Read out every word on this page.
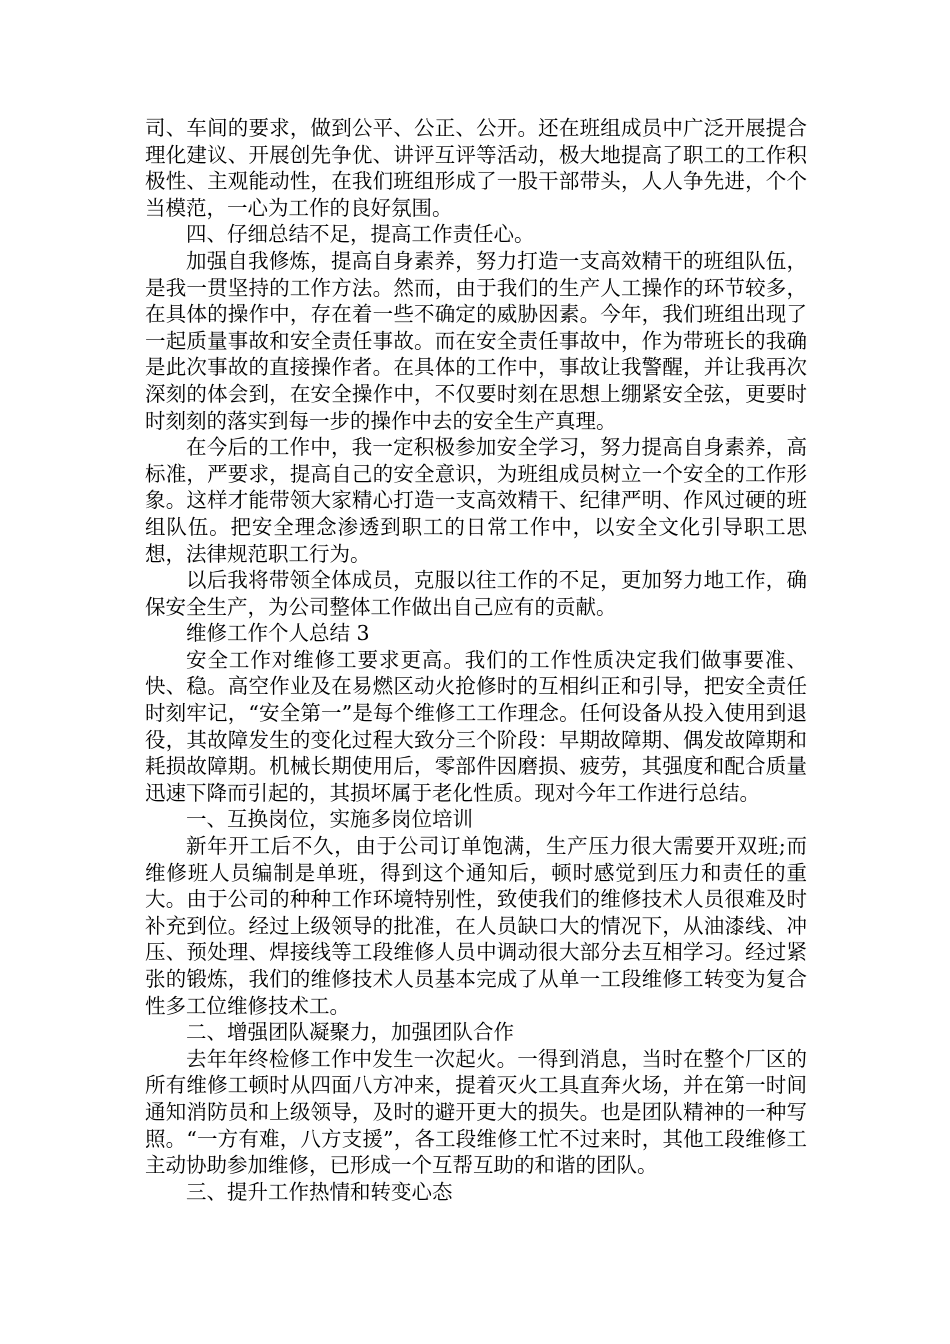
司、车间的要求，做到公平、公正、公开。还在班组成员中广泛开展提合理化建议、开展创先争优、讲评互评等活动，极大地提高了职工的工作积极性、主观能动性，在我们班组形成了一股干部带头，人人争先进，个个当模范，一心为工作的良好氛围。

四、仔细总结不足，提高工作责任心。

加强自我修炼，提高自身素养，努力打造一支高效精干的班组队伍，是我一贯坚持的工作方法。然而，由于我们的生产人工操作的环节较多，在具体的操作中，存在着一些不确定的威胁因素。今年，我们班组出现了一起质量事故和安全责任事故。而在安全责任事故中，作为带班长的我确是此次事故的直接操作者。在具体的工作中，事故让我警醒，并让我再次深刻的体会到，在安全操作中，不仅要时刻在思想上绷紧安全弦，更要时时刻刻的落实到每一步的操作中去的安全生产真理。

在今后的工作中，我一定积极参加安全学习，努力提高自身素养，高标准，严要求，提高自己的安全意识，为班组成员树立一个安全的工作形象。这样才能带领大家精心打造一支高效精干、纪律严明、作风过硬的班组队伍。把安全理念渗透到职工的日常工作中，以安全文化引导职工思想，法律规范职工行为。

以后我将带领全体成员，克服以往工作的不足，更加努力地工作，确保安全生产，为公司整体工作做出自己应有的贡献。

维修工作个人总结 3

安全工作对维修工要求更高。我们的工作性质决定我们做事要准、快、稳。高空作业及在易燃区动火抢修时的互相纠正和引导，把安全责任时刻牢记，“安全第一”是每个维修工工作理念。任何设备从投入使用到退役，其故障发生的变化过程大致分三个阶段：早期故障期、偶发故障期和耗损故障期。机械长期使用后，零部件因磨损、疲劳，其强度和配合质量迅速下降而引起的，其损坏属于老化性质。现对今年工作进行总结。

一、互换岗位，实施多岗位培训

新年开工后不久，由于公司订单饱满，生产压力很大需要开双班;而维修班人员编制是单班，得到这个通知后，顿时感觉到压力和责任的重大。由于公司的种种工作环境特别性，致使我们的维修技术人员很难及时补充到位。经过上级领导的批准，在人员缺口大的情况下，从油漆线、冲压、预处理、焊接线等工段维修人员中调动很大部分去互相学习。经过紧张的锻炼，我们的维修技术人员基本完成了从单一工段维修工转变为复合性多工位维修技术工。

二、增强团队凝聚力，加强团队合作

去年年终检修工作中发生一次起火。一得到消息，当时在整个厂区的所有维修工顿时从四面八方冲来，提着灭火工具直奔火场，并在第一时间通知消防员和上级领导，及时的避开更大的损失。也是团队精神的一种写照。“一方有难，八方支援”，各工段维修工忙不过来时，其他工段维修工主动协助参加维修，已形成一个互帮互助的和谐的团队。

三、提升工作热情和转变心态
